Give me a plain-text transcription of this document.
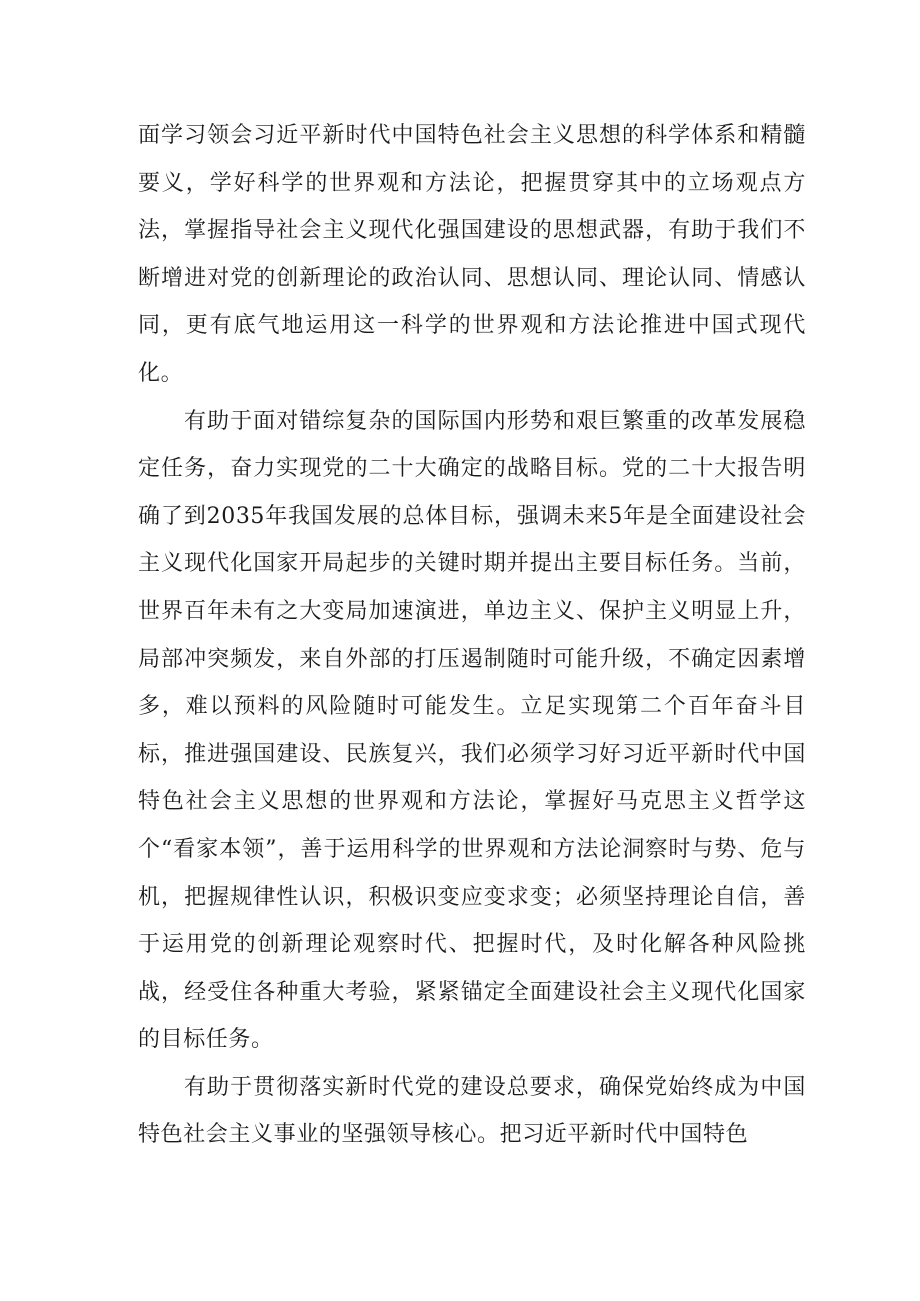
面学习领会习近平新时代中国特色社会主义思想的科学体系和精髓要义，学好科学的世界观和方法论，把握贯穿其中的立场观点方法，掌握指导社会主义现代化强国建设的思想武器，有助于我们不断增进对党的创新理论的政治认同、思想认同、理论认同、情感认同，更有底气地运用这一科学的世界观和方法论推进中国式现代化。

有助于面对错综复杂的国际国内形势和艰巨繁重的改革发展稳定任务，奋力实现党的二十大确定的战略目标。党的二十大报告明确了到2035年我国发展的总体目标，强调未来5年是全面建设社会主义现代化国家开局起步的关键时期并提出主要目标任务。当前，世界百年未有之大变局加速演进，单边主义、保护主义明显上升，局部冲突频发，来自外部的打压遏制随时可能升级，不确定因素增多，难以预料的风险随时可能发生。立足实现第二个百年奋斗目标，推进强国建设、民族复兴，我们必须学习好习近平新时代中国特色社会主义思想的世界观和方法论，掌握好马克思主义哲学这个“看家本领”，善于运用科学的世界观和方法论洞察时与势、危与机，把握规律性认识，积极识变应变求变；必须坚持理论自信，善于运用党的创新理论观察时代、把握时代，及时化解各种风险挑战，经受住各种重大考验，紧紧锚定全面建设社会主义现代化国家的目标任务。

有助于贯彻落实新时代党的建设总要求，确保党始终成为中国特色社会主义事业的坚强领导核心。把习近平新时代中国特色
